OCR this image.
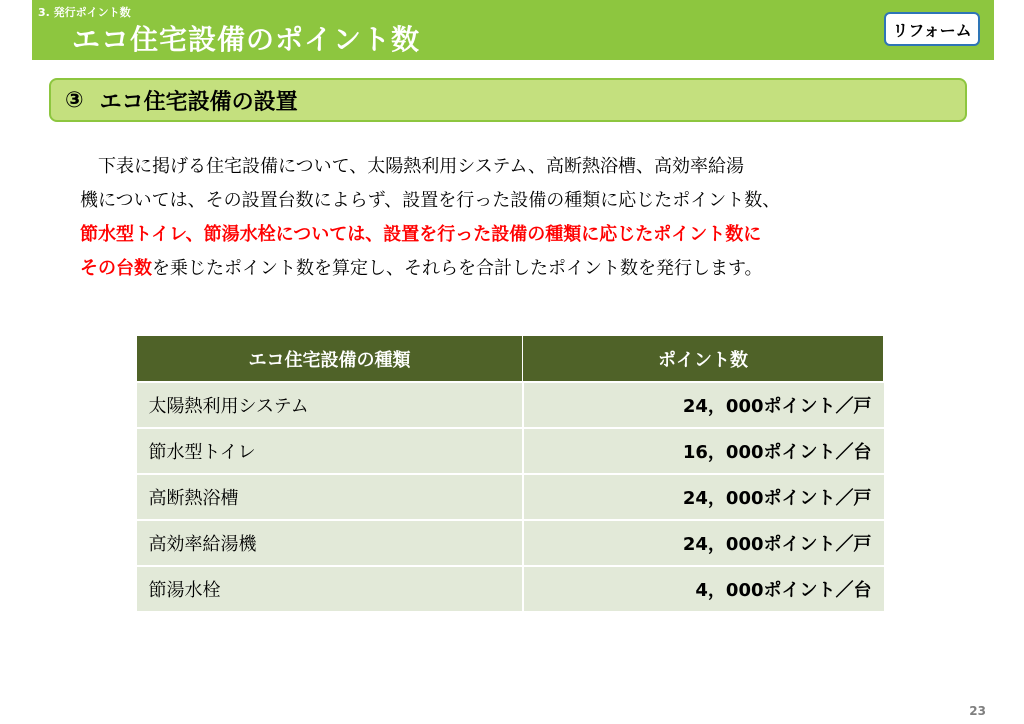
3. 発行ポイント数
エコ住宅設備のポイント数	リフォーム
③ エコ住宅設備の設置
下表に掲げる住宅設備について、太陽熱利用システム、高断熱浴槽、高効率給湯
機については、その設置台数によらず、設置を行った設備の種類に応じたポイント数、
節水型トイレ、節湯水栓については、設置を行った設備の種類に応じたポイント数に
その台数を乗じたポイント数を算定し、それらを合計したポイント数を発行します。
エコ住宅設備の種類	ポイント数
太陽熱利用システム	24，000ポイント／戸
節水型トイレ	16，000ポイント／台
高断熱浴槽	24，000ポイント／戸
高効率給湯機	24，000ポイント／戸
節湯水栓	4，000ポイント／台
23
